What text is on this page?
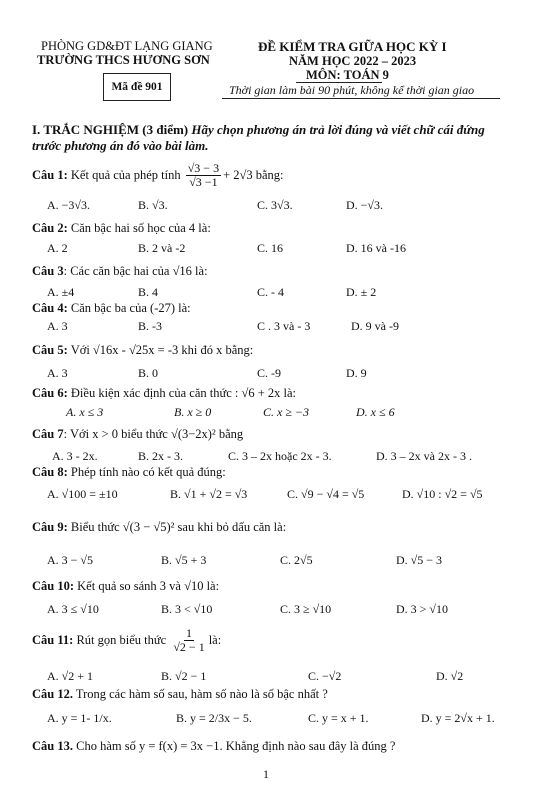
PHÒNG GD&ĐT LẠNG GIANG
TRƯỜNG THCS HƯƠNG SƠN
Mã đề 901
ĐỀ KIỂM TRA GIỮA HỌC KỲ I
NĂM HỌC 2022 – 2023
MÔN: TOÁN 9
Thời gian làm bài 90 phút, không kể thời gian giao
I. TRẮC NGHIỆM (3 điểm) Hãy chọn phương án trả lời đúng và viết chữ cái đứng
trước phương án đó vào bài làm.
Câu 1:
Kết quả của phép tính
$\frac{√3 - 3}{√3 -1} + 2√3$
bằng:
A. −3√3.	B. √3.	C. 3√3.	D. −√3.
Câu 2: Căn bậc hai số học của 4 là:
A. 2	B. 2 và -2	C. 16	D. 16 và -16
Câu 3: Các căn bậc hai của √16 là:
A. ±4	B. 4	C. - 4	D. ± 2
Câu 4: Căn bậc ba của (-27) là:
A. 3	B. -3	C . 3 và - 3	D. 9 và -9
Câu 5: Với √16x - √25x = -3 khi đó x bằng:
A. 3	B. 0	C. -9	D. 9
Câu 6: Điều kiện xác định của căn thức : √6 + 2x là:
A. x ≤ 3	B. x ≥ 0	C. x ≥ −3	D. x ≤ 6
Câu 7: Với x > 0 biểu thức √(3−2x)² bằng
A. 3 - 2x.	B. 2x - 3.	C. 3 – 2x hoặc 2x - 3.	D. 3 – 2x và 2x - 3 .
Câu 8: Phép tính nào có kết quả đúng:
A. √100 = ±10	B. √1 + √2 = √3	C. √9 − √4 = √5	D. √10 : √2 = √5
Câu 9: Biểu thức √(3 − √5)² sau khi bỏ dấu căn là:
A. 3 − √5	B. √5 + 3	C. 2√5	D. √5 − 3
Câu 10: Kết quả so sánh 3 và √10 là:
A. 3 ≤ √10	B. 3 < √10	C. 3 ≥ √10	D. 3 > √10
Câu 11:
Rút gọn biểu thức
$\frac{1}{√2 - 1}$ là:
A. √2 + 1	B. √2 − 1	C. −√2	D. √2
Câu 12. Trong các hàm số sau, hàm số nào là số bậc nhất ?
A. y = 1- 1/x.	B. y = 2/3x − 5.	C. y = x + 1.	D. y = 2√x + 1.
Câu 13. Cho hàm số y = f(x) = 3x −1. Khẳng định nào sau đây là đúng ?
1
